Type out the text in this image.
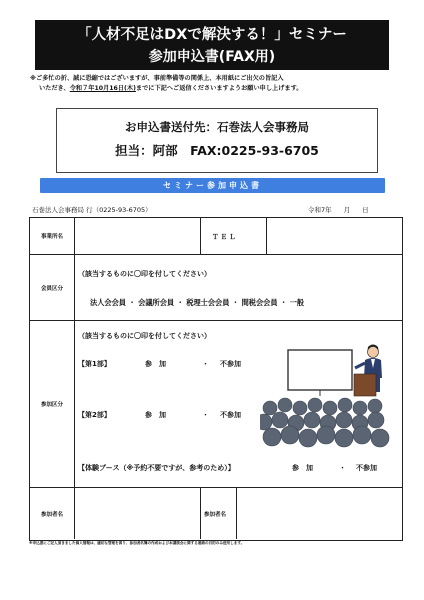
「人材不足はDXで解決する！」セミナー
参加申込書(FAX用)
※ご多忙の折、誠に恐縮ではございますが、事前準備等の関係上、本用紙にご出欠の旨記入
いただき、令和７年10月16日(木)までに下記へご返信くださいますようお願い申し上げます。
お申込書送付先：石巻法人会事務局
担当：阿部　FAX:0225-93-6705
セミナー参加申込書
石巻法人会事務局 行（0225-93-6705）	令和7年 月 日
事業所名	ＴＥＬ
会員区分
（該当するものに〇印を付してください）
法人会会員 ・ 会議所会員 ・ 税理士会会員 ・ 間税会会員 ・ 一般
参加区分
（該当するものに〇印を付してください）
【第1部】	参　加	・ 不参加
【第2部】	参　加	・ 不参加
【体験ブース（※予約不要ですが、参考のため）】	参　加	・ 不参加
参加者名	参加者名
※申込書にご記入頂きました個人情報は、適切な管理を図り、参加者名簿の作成および本講演会に関する連絡の目的のみ使用します。
